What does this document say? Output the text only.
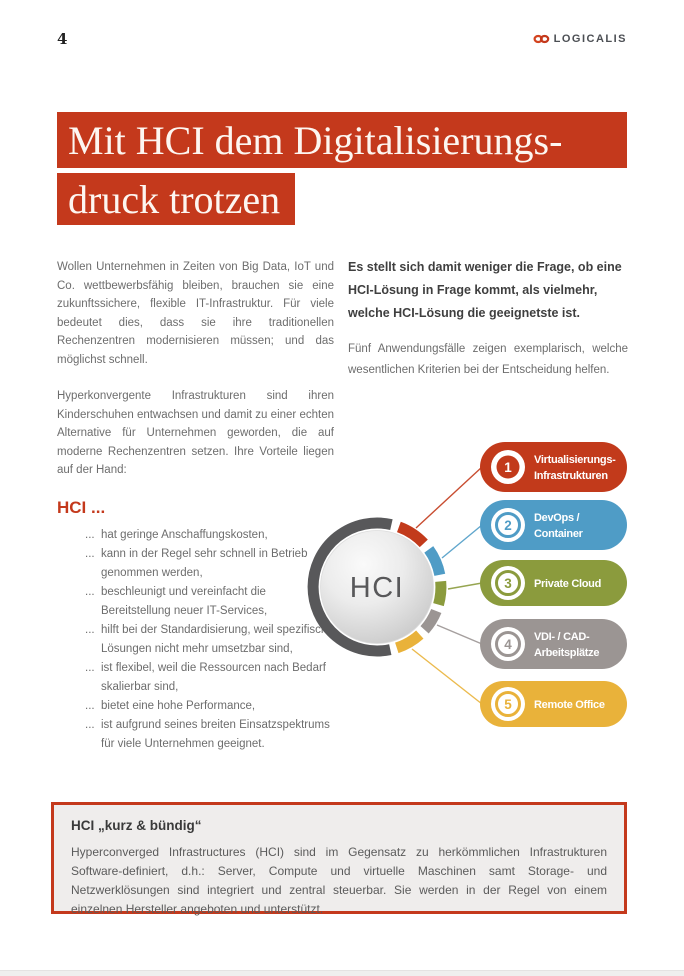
4	LOGICALIS
Mit HCI dem Digitalisierungs-
druck trotzen

Wollen Unternehmen in Zeiten von Big Data, IoT und Co. wettbewerbsfähig bleiben, brauchen sie eine zukunftssichere, flexible IT-Infrastruktur. Für viele bedeutet dies, dass sie ihre traditionellen Rechenzentren modernisieren müssen; und das möglichst schnell.

Hyperkonvergente Infrastrukturen sind ihren Kinderschuhen entwachsen und damit zu einer echten Alternative für Unternehmen geworden, die auf moderne Rechenzentren setzen. Ihre Vorteile liegen auf der Hand:

HCI ...
... hat geringe Anschaffungskosten,
... kann in der Regel sehr schnell in Betrieb genommen werden,
... beschleunigt und vereinfacht die Bereitstellung neuer IT-Services,
... hilft bei der Standardisierung, weil spezifische Lösungen nicht mehr umsetzbar sind,
... ist flexibel, weil die Ressourcen nach Bedarf skalierbar sind,
... bietet eine hohe Performance,
... ist aufgrund seines breiten Einsatzspektrums für viele Unternehmen geeignet.

Es stellt sich damit weniger die Frage, ob eine HCI-Lösung in Frage kommt, als vielmehr, welche HCI-Lösung die geeignetste ist.

Fünf Anwendungsfälle zeigen exemplarisch, welche wesentlichen Kriterien bei der Entscheidung helfen.

HCI
1 Virtualisierungs-
Infrastrukturen
2 DevOps /
Container
3 Private Cloud
4 VDI- / CAD-
Arbeitsplätze
5 Remote Office

HCI „kurz & bündig“

Hyperconverged Infrastructures (HCI) sind im Gegensatz zu herkömmlichen Infrastrukturen Software-definiert, d.h.: Server, Compute und virtuelle Maschinen samt Storage- und Netzwerklösungen sind integriert und zentral steuerbar. Sie werden in der Regel von einem einzelnen Hersteller angeboten und unterstützt.
